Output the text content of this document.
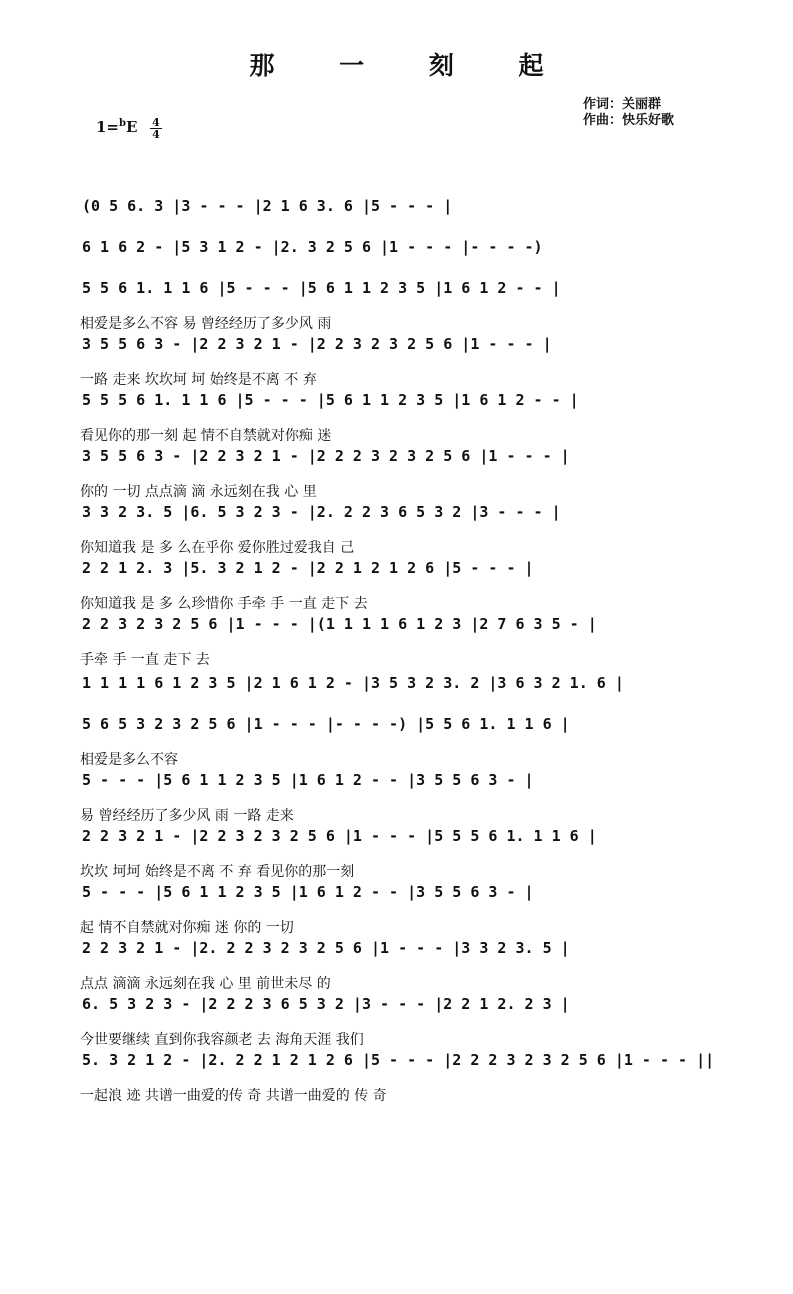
那 一 刻 起
作词：关丽群
作曲：快乐好歌
1=$^b$E 4
4
(0 5 6. 3 |3 - - - |2 1 6 3. 6 |5 - - - |
6 1 6 2 - |5 3 1 2 - |2. 3 2 5 6 |1 - - - |- - - -)
5 5 6 1. 1 1 6 |5 - - - |5 6 1 1 2 3 5 |1 6 1 2 - - |
相爱是多么不容 易 曾经经历了多少风 雨
3 5 5 6 3 - |2 2 3 2 1 - |2 2 3 2 3 2 5 6 |1 - - - |
一路 走来 坎坎坷 坷 始终是不离 不 弃
5 5 5 6 1. 1 1 6 |5 - - - |5 6 1 1 2 3 5 |1 6 1 2 - - |
看见你的那一刻 起 情不自禁就对你痴 迷
3 5 5 6 3 - |2 2 3 2 1 - |2 2 2 3 2 3 2 5 6 |1 - - - |
你的 一切 点点滴 滴 永远刻在我 心 里
3 3 2 3. 5 |6. 5 3 2 3 - |2. 2 2 3 6 5 3 2 |3 - - - |
你知道我 是 多 么在乎你 爱你胜过爱我自 己
2 2 1 2. 3 |5. 3 2 1 2 - |2 2 1 2 1 2 6 |5 - - - |
你知道我 是 多 么珍惜你 手牵 手 一直 走下 去
2 2 3 2 3 2 5 6 |1 - - - |(1 1 1 1 6 1 2 3 |2 7 6 3 5 - |
手牵 手 一直 走下 去
1 1 1 1 6 1 2 3 5 |2 1 6 1 2 - |3 5 3 2 3. 2 |3 6 3 2 1. 6 |
5 6 5 3 2 3 2 5 6 |1 - - - |- - - -) |5 5 6 1. 1 1 6 |
相爱是多么不容
5 - - - |5 6 1 1 2 3 5 |1 6 1 2 - - |3 5 5 6 3 - |
易 曾经经历了多少风 雨 一路 走来
2 2 3 2 1 - |2 2 3 2 3 2 5 6 |1 - - - |5 5 5 6 1. 1 1 6 |
坎坎 坷坷 始终是不离 不 弃 看见你的那一刻
5 - - - |5 6 1 1 2 3 5 |1 6 1 2 - - |3 5 5 6 3 - |
起 情不自禁就对你痴 迷 你的 一切
2 2 3 2 1 - |2. 2 2 3 2 3 2 5 6 |1 - - - |3 3 2 3. 5 |
点点 滴滴 永远刻在我 心 里 前世未尽 的
6. 5 3 2 3 - |2 2 2 3 6 5 3 2 |3 - - - |2 2 1 2. 2 3 |
今世要继续 直到你我容颜老 去 海角天涯 我们
5. 3 2 1 2 - |2. 2 2 1 2 1 2 6 |5 - - - |2 2 2 3 2 3 2 5 6 |1 - - - ||
一起浪 迹 共谱一曲爱的传 奇 共谱一曲爱的 传 奇
